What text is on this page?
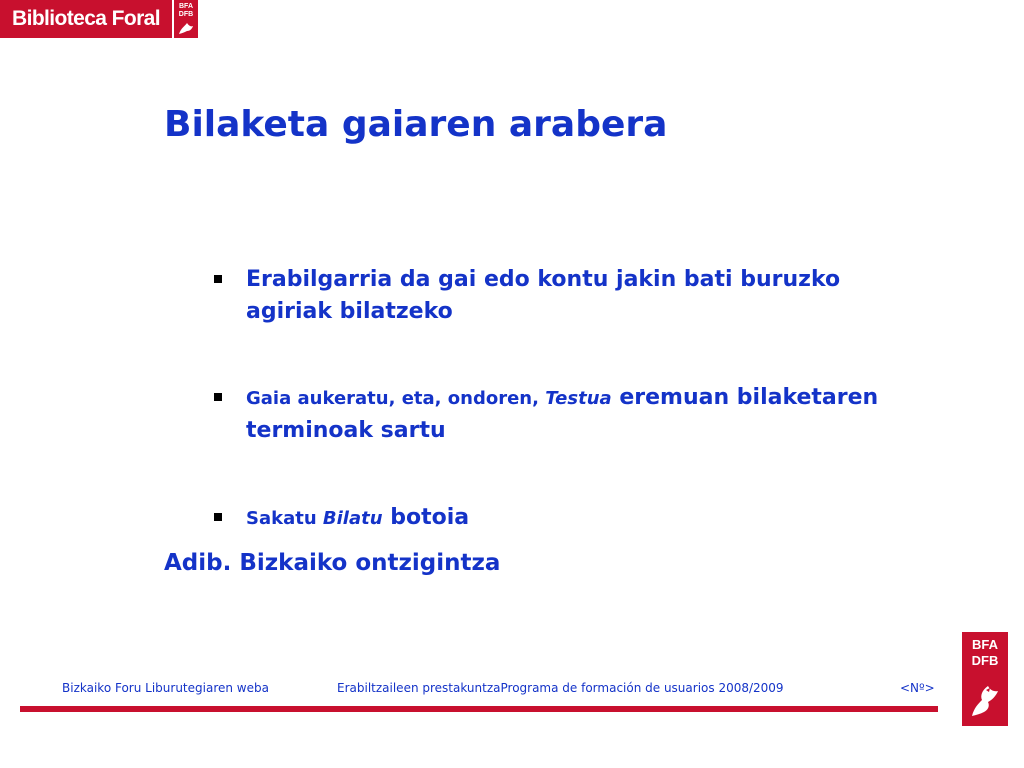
Biblioteca Foral
BFA
DFB
Bilaketa gaiaren arabera
Erabilgarria da gai edo kontu jakin bati buruzko agiriak bilatzeko
Gaia aukeratu, eta, ondoren, Testua eremuan bilaketaren terminoak sartu
Sakatu Bilatu botoia
Adib. Bizkaiko ontzigintza
Bizkaiko Foru Liburutegiaren weba	Erabiltzaileen prestakuntzaPrograma de formación de usuarios 2008/2009	<Nº>
BFA
DFB
